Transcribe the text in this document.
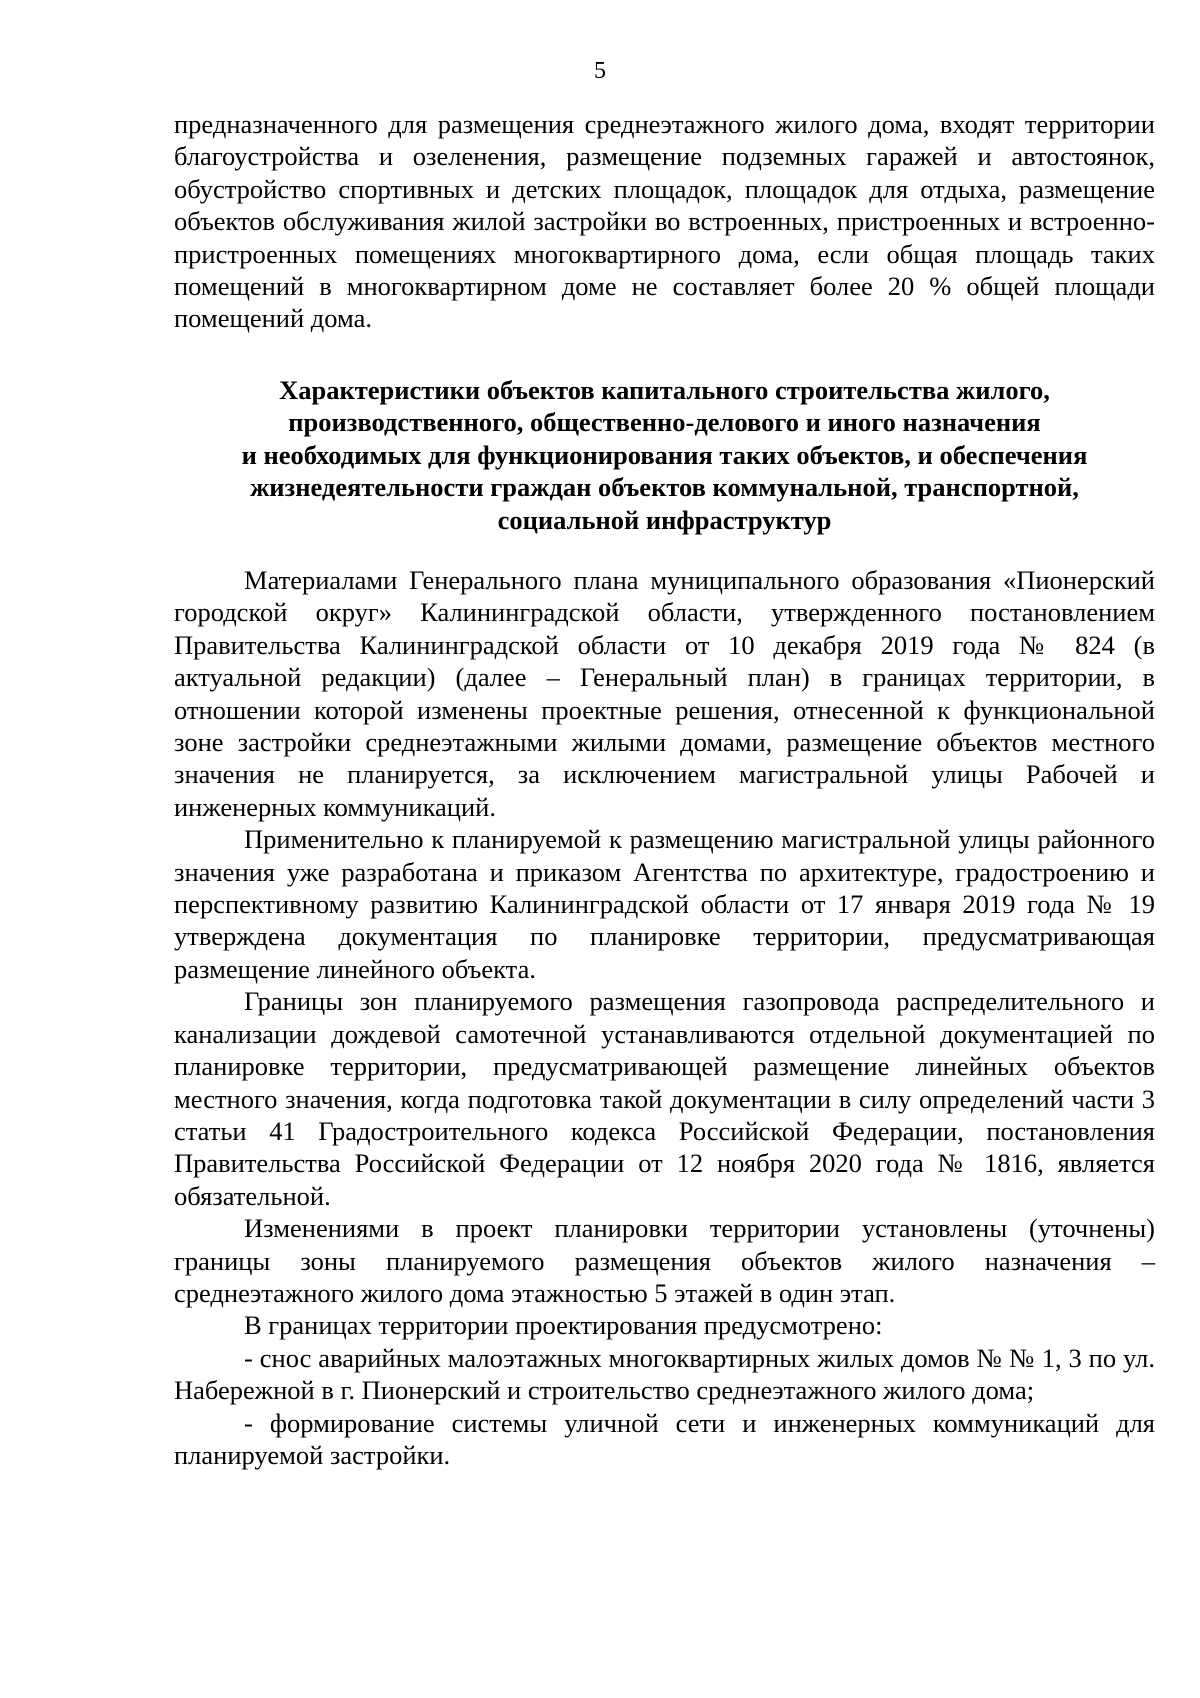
5

предназначенного для размещения среднеэтажного жилого дома, входят территории благоустройства и озеленения, размещение подземных гаражей и автостоянок, обустройство спортивных и детских площадок, площадок для отдыха, размещение объектов обслуживания жилой застройки во встроенных, пристроенных и встроенно-пристроенных помещениях многоквартирного дома, если общая площадь таких помещений в многоквартирном доме не составляет более 20 % общей площади помещений дома.

Характеристики объектов капитального строительства жилого,
производственного, общественно-делового и иного назначения
и необходимых для функционирования таких объектов, и обеспечения
жизнедеятельности граждан объектов коммунальной, транспортной,
социальной инфраструктур

Материалами Генерального плана муниципального образования «Пионерский городской округ» Калининградской области, утвержденного постановлением Правительства Калининградской области от 10 декабря 2019 года № 824 (в актуальной редакции) (далее – Генеральный план) в границах территории, в отношении которой изменены проектные решения, отнесенной к функциональной зоне застройки среднеэтажными жилыми домами, размещение объектов местного значения не планируется, за исключением магистральной улицы Рабочей и инженерных коммуникаций.

Применительно к планируемой к размещению магистральной улицы районного значения уже разработана и приказом Агентства по архитектуре, градостроению и перспективному развитию Калининградской области от 17 января 2019 года № 19 утверждена документация по планировке территории, предусматривающая размещение линейного объекта.

Границы зон планируемого размещения газопровода распределительного и канализации дождевой самотечной устанавливаются отдельной документацией по планировке территории, предусматривающей размещение линейных объектов местного значения, когда подготовка такой документации в силу определений части 3 статьи 41 Градостроительного кодекса Российской Федерации, постановления Правительства Российской Федерации от 12 ноября 2020 года № 1816, является обязательной.

Изменениями в проект планировки территории установлены (уточнены) границы зоны планируемого размещения объектов жилого назначения – среднеэтажного жилого дома этажностью 5 этажей в один этап.

В границах территории проектирования предусмотрено:

- снос аварийных малоэтажных многоквартирных жилых домов № № 1, 3 по ул. Набережной в г. Пионерский и строительство среднеэтажного жилого дома;

- формирование системы уличной сети и инженерных коммуникаций для планируемой застройки.
